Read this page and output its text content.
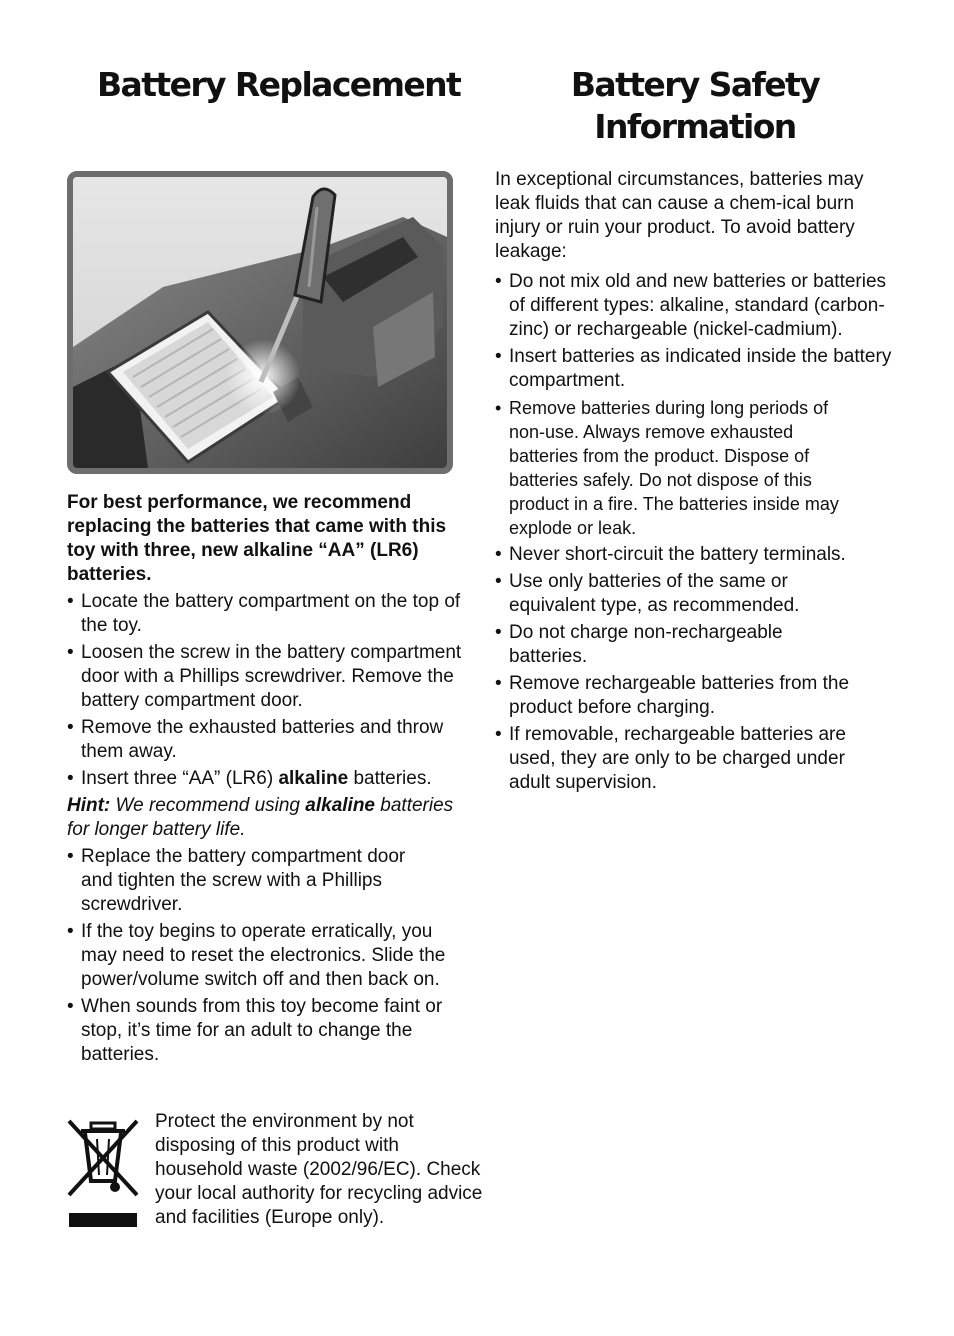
Battery Replacement

For best performance, we recommend replacing the batteries that came with this toy with three, new alkaline “AA” (LR6) batteries.

• Locate the battery compartment on the top of the toy.
• Loosen the screw in the battery compartment door with a Phillips screwdriver. Remove the battery compartment door.
• Remove the exhausted batteries and throw them away.
• Insert three “AA” (LR6) alkaline batteries.

Hint: We recommend using alkaline batteries for longer battery life.

• Replace the battery compartment door and tighten the screw with a Phillips screwdriver.
• If the toy begins to operate erratically, you may need to reset the electronics. Slide the power/volume switch off and then back on.
• When sounds from this toy become faint or stop, it’s time for an adult to change the batteries.

Protect the environment by not disposing of this product with household waste (2002/96/EC). Check your local authority for recycling advice and facilities (Europe only).

Battery Safety Information

In exceptional circumstances, batteries may leak fluids that can cause a chem-ical burn injury or ruin your product. To avoid battery leakage:

• Do not mix old and new batteries or batteries of different types: alkaline, standard (carbon-zinc) or rechargeable (nickel-cadmium).
• Insert batteries as indicated inside the battery compartment.
• Remove batteries during long periods of non-use. Always remove exhausted batteries from the product. Dispose of batteries safely. Do not dispose of this product in a fire. The batteries inside may explode or leak.
• Never short-circuit the battery terminals.
• Use only batteries of the same or equivalent type, as recommended.
• Do not charge non-rechargeable batteries.
• Remove rechargeable batteries from the product before charging.
• If removable, rechargeable batteries are used, they are only to be charged under adult supervision.
